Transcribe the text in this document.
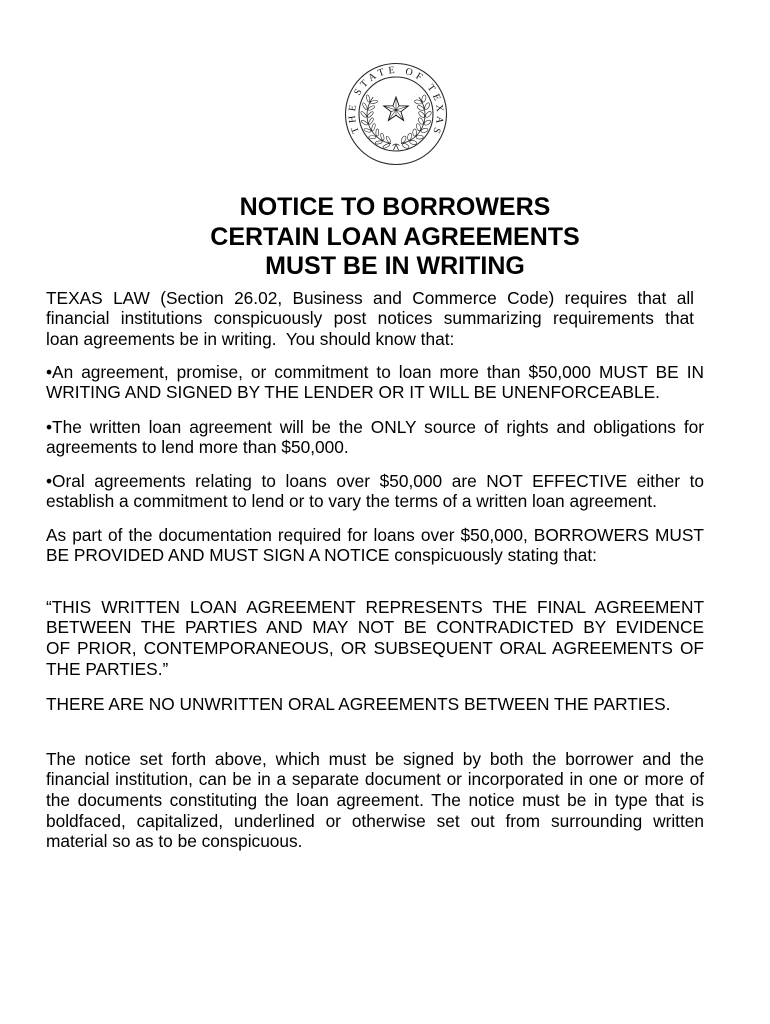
THE STATE OF TEXAS
NOTICE TO BORROWERS
CERTAIN LOAN AGREEMENTS
MUST BE IN WRITING
TEXAS LAW (Section 26.02, Business and Commerce Code) requires that all
financial institutions conspicuously post notices summarizing requirements that
loan agreements be in writing.  You should know that:
•An agreement, promise, or commitment to loan more than $50,000 MUST BE IN
WRITING AND SIGNED BY THE LENDER OR IT WILL BE UNENFORCEABLE.
•The written loan agreement will be the ONLY source of rights and obligations for
agreements to lend more than $50,000.
•Oral agreements relating to loans over $50,000 are NOT EFFECTIVE either to
establish a commitment to lend or to vary the terms of a written loan agreement.
As part of the documentation required for loans over $50,000, BORROWERS MUST
BE PROVIDED AND MUST SIGN A NOTICE conspicuously stating that:
“THIS WRITTEN LOAN AGREEMENT REPRESENTS THE FINAL AGREEMENT
BETWEEN THE PARTIES AND MAY NOT BE CONTRADICTED BY EVIDENCE
OF PRIOR, CONTEMPORANEOUS, OR SUBSEQUENT ORAL AGREEMENTS OF
THE PARTIES.”
THERE ARE NO UNWRITTEN ORAL AGREEMENTS BETWEEN THE PARTIES.
The notice set forth above, which must be signed by both the borrower and the
financial institution, can be in a separate document or incorporated in one or more of
the documents constituting the loan agreement. The notice must be in type that is
boldfaced, capitalized, underlined or otherwise set out from surrounding written
material so as to be conspicuous.
